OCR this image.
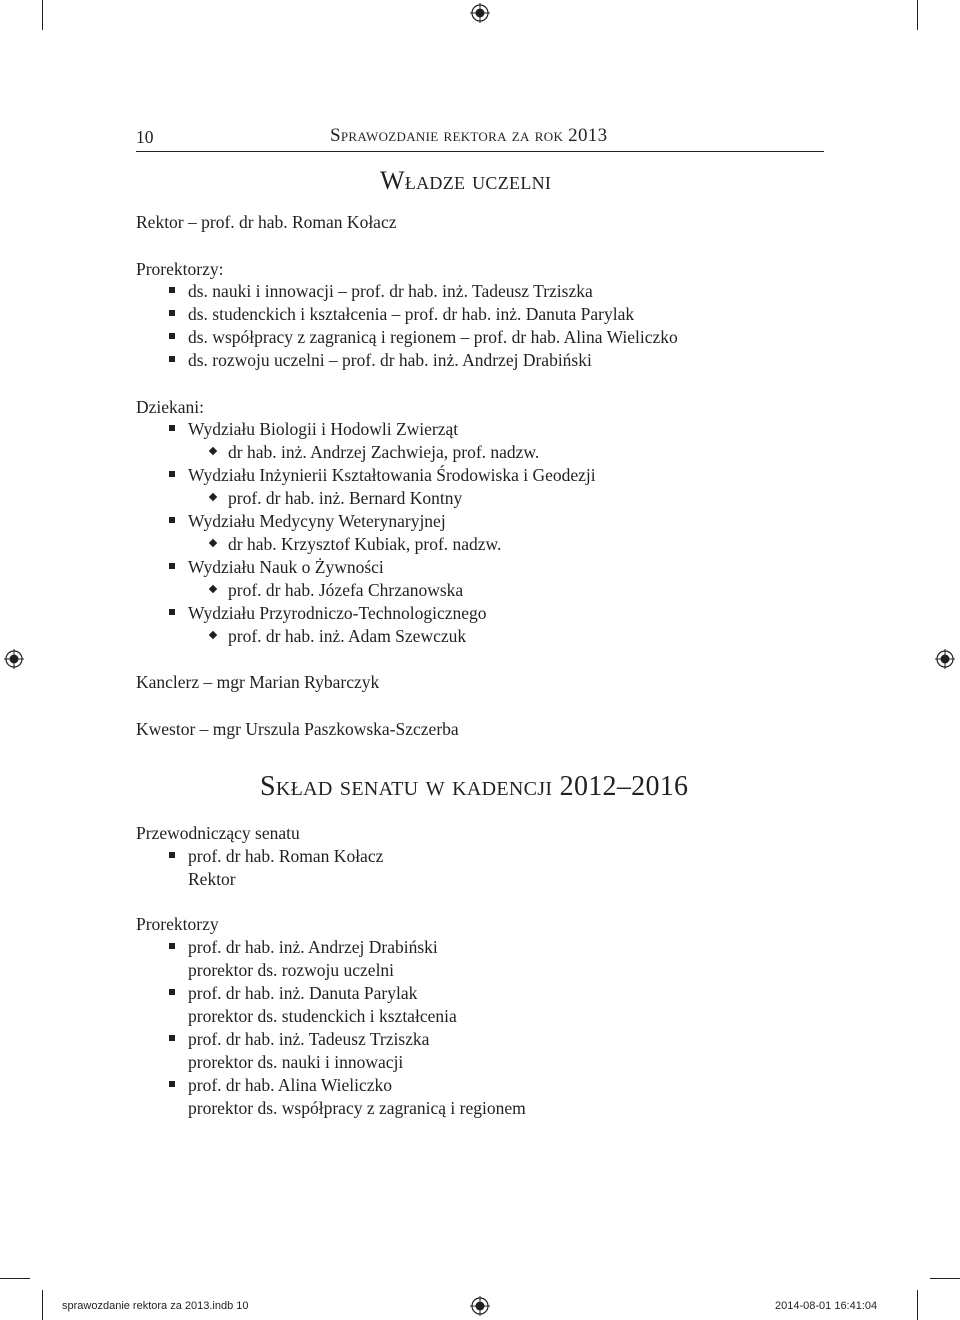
10	Sprawozdanie rektora za rok 2013
Władze uczelni
Rektor – prof. dr hab. Roman Kołacz
Prorektorzy:
ds. nauki i innowacji – prof. dr hab. inż. Tadeusz Trziszka
ds. studenckich i kształcenia – prof. dr hab. inż. Danuta Parylak
ds. współpracy z zagranicą i regionem – prof. dr hab. Alina Wieliczko
ds. rozwoju uczelni – prof. dr hab. inż. Andrzej Drabiński
Dziekani:
Wydziału Biologii i Hodowli Zwierząt
dr hab. inż. Andrzej Zachwieja, prof. nadzw.
Wydziału Inżynierii Kształtowania Środowiska i Geodezji
prof. dr hab. inż. Bernard Kontny
Wydziału Medycyny Weterynaryjnej
dr hab. Krzysztof Kubiak, prof. nadzw.
Wydziału Nauk o Żywności
prof. dr hab. Józefa Chrzanowska
Wydziału Przyrodniczo-Technologicznego
prof. dr hab. inż. Adam Szewczuk
Kanclerz – mgr Marian Rybarczyk
Kwestor – mgr Urszula Paszkowska-Szczerba
Skład senatu w kadencji 2012–2016
Przewodniczący senatu
prof. dr hab. Roman Kołacz
Rektor
Prorektorzy
prof. dr hab. inż. Andrzej Drabiński
prorektor ds. rozwoju uczelni
prof. dr hab. inż. Danuta Parylak
prorektor ds. studenckich i kształcenia
prof. dr hab. inż. Tadeusz Trziszka
prorektor ds. nauki i innowacji
prof. dr hab. Alina Wieliczko
prorektor ds. współpracy z zagranicą i regionem
sprawozdanie rektora za 2013.indb 10	2014-08-01 16:41:04
